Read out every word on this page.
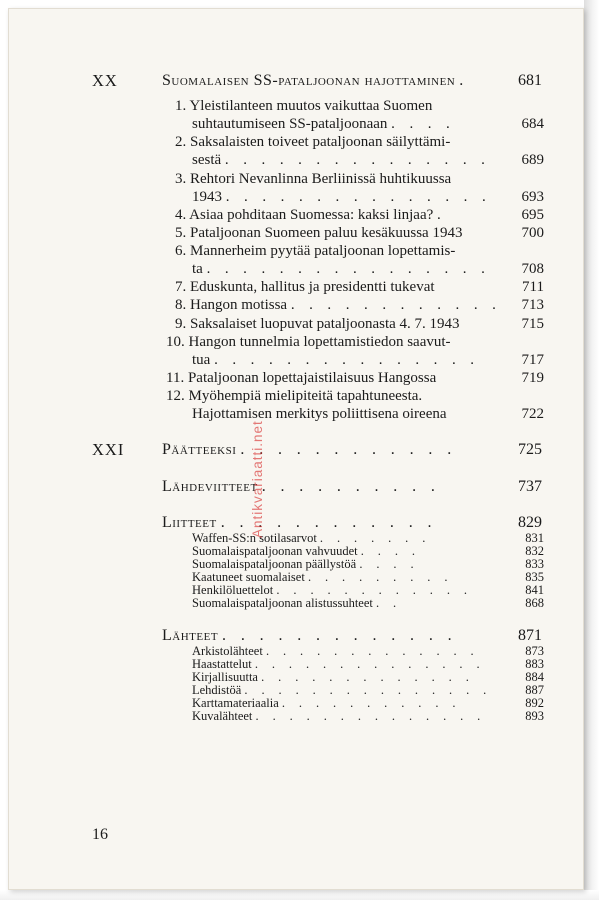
XX	Suomalaisen SS-pataljoonan hajottaminen .	681
1. Yleistilanteen muutos vaikuttaa Suomen
suhtautumiseen SS-pataljoonaan . . . .	684
2. Saksalaisten toiveet pataljoonan säilyttämi-
sestä . . . . . . . . . . . . . . .	689
3. Rehtori Nevanlinna Berliinissä huhtikuussa
1943 . . . . . . . . . . . . . . .	693
4. Asiaa pohditaan Suomessa: kaksi linjaa? .	695
5. Pataljoonan Suomeen paluu kesäkuussa 1943	700
6. Mannerheim pyytää pataljoonan lopettamis-
ta . . . . . . . . . . . . . . . .	708
7. Eduskunta, hallitus ja presidentti tukevat	711
8. Hangon motissa . . . . . . . . . . . .	713
9. Saksalaiset luopuvat pataljoonasta 4. 7. 1943	715
10. Hangon tunnelmia lopettamistiedon saavut-
tua . . . . . . . . . . . . . . .	717
11. Pataljoonan lopettajaistilaisuus Hangossa	719
12. Myöhempiä mielipiteitä tapahtuneesta.
Hajottamisen merkitys poliittisena oireena	722
XXI Päätteeksi . . . . . . . . . . . .	725
Lähdeviitteet . . . . . . . . . .	737
Liitteet . . . . . . . . . . . .	829
Waffen-SS:n sotilasarvot . . . . . . .	831
Suomalaispataljoonan vahvuudet . . . .	832
Suomalaispataljoonan päällystöä . . . .	833
Kaatuneet suomalaiset . . . . . . . . .	835
Henkilöluettelot . . . . . . . . . . . .	841
Suomalaispataljoonan alistussuhteet . .	868
Lähteet . . . . . . . . . . . . .	871
Arkistolähteet . . . . . . . . . . . . .	873
Haastattelut . . . . . . . . . . . . . .	883
Kirjallisuutta . . . . . . . . . . . . .	884
Lehdistöä . . . . . . . . . . . . . . .	887
Karttamateriaalia . . . . . . . . . . .	892
Kuvalähteet . . . . . . . . . . . . . .	893
16
Antikvariaatti.net
